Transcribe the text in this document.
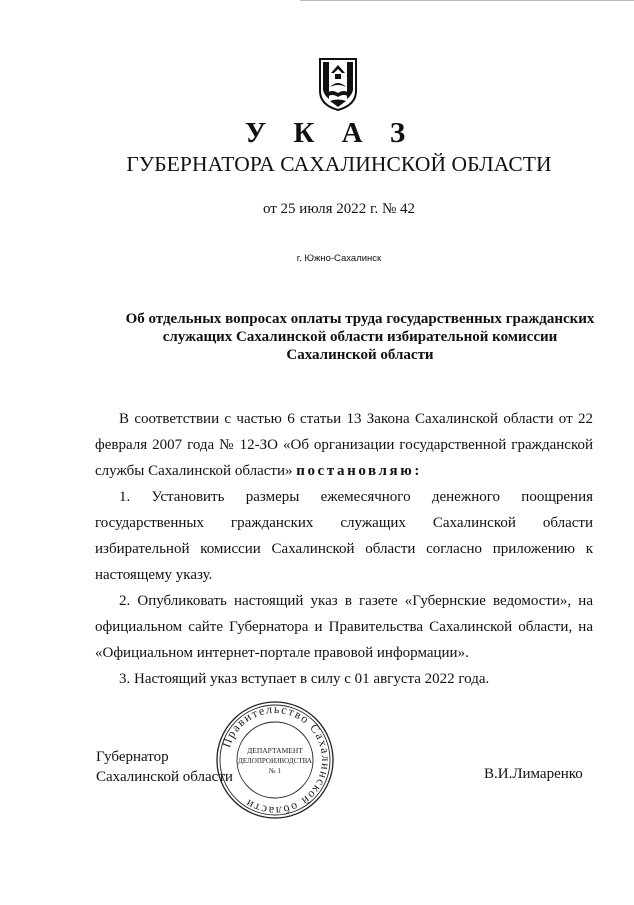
У К А З
ГУБЕРНАТОРА САХАЛИНСКОЙ ОБЛАСТИ
от 25 июля 2022 г. № 42
г. Южно-Сахалинск
Об отдельных вопросах оплаты труда государственных гражданских
служащих Сахалинской области избирательной комиссии
Сахалинской области

В соответствии с частью 6 статьи 13 Закона Сахалинской области от 22 февраля 2007 года № 12-ЗО «Об организации государственной гражданской службы Сахалинской области» постановляю:

1. Установить размеры ежемесячного денежного поощрения государственных гражданских служащих Сахалинской области избирательной комиссии Сахалинской области согласно приложению к настоящему указу.

2. Опубликовать настоящий указ в газете «Губернские ведомости», на официальном сайте Губернатора и Правительства Сахалинской области, на «Официальном интернет-портале правовой информации».

3. Настоящий указ вступает в силу с 01 августа 2022 года.

Губернатор
Сахалинской области	В.И.Лимаренко
Правительство Сахалинской области
ДЕПАРТАМЕНТ
ДЕЛОПРОИЗВОДСТВА
№ 1
